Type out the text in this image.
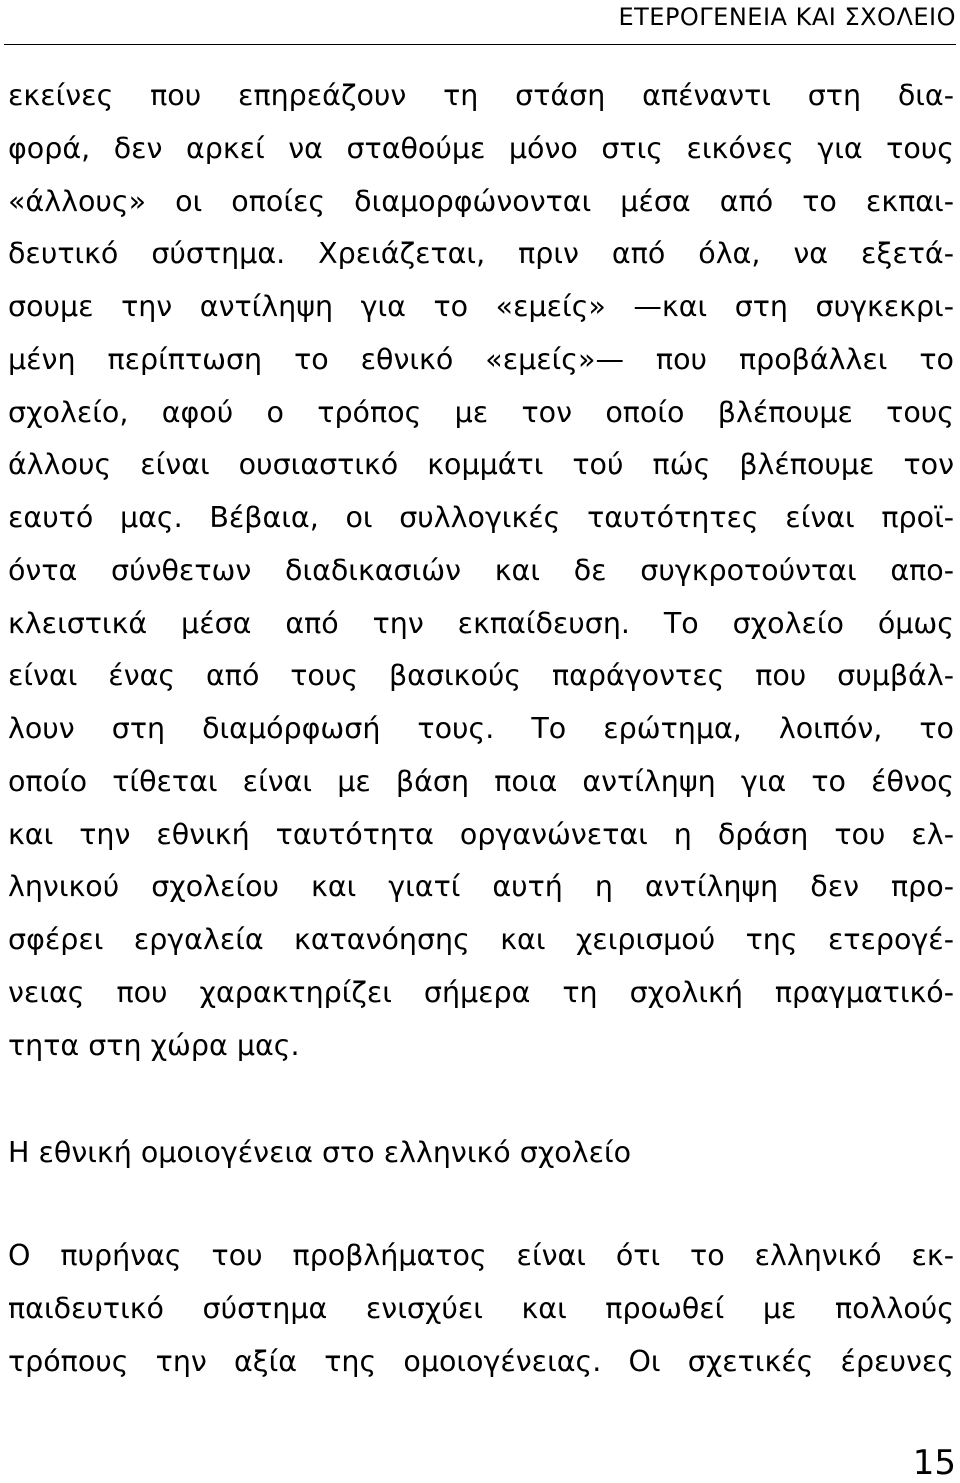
ΕΤΕΡΟΓΕΝΕΙΑ ΚΑΙ ΣΧΟΛΕΙΟ
εκείνες που επηρεάζουν τη στάση απέναντι στη δια-
φορά, δεν αρκεί να σταθούμε μόνο στις εικόνες για τους
«άλλους» οι οποίες διαμορφώνονται μέσα από το εκπαι-
δευτικό σύστημα. Χρειάζεται, πριν από όλα, να εξετά-
σουμε την αντίληψη για το «εμείς» —και στη συγκεκρι-
μένη περίπτωση το εθνικό «εμείς»— που προβάλλει το
σχολείο, αφού ο τρόπος με τον οποίο βλέπουμε τους
άλλους είναι ουσιαστικό κομμάτι τού πώς βλέπουμε τον
εαυτό μας. Βέβαια, οι συλλογικές ταυτότητες είναι προϊ-
όντα σύνθετων διαδικασιών και δε συγκροτούνται απο-
κλειστικά μέσα από την εκπαίδευση. Το σχολείο όμως
είναι ένας από τους βασικούς παράγοντες που συμβάλ-
λουν στη διαμόρφωσή τους. Το ερώτημα, λοιπόν, το
οποίο τίθεται είναι με βάση ποια αντίληψη για το έθνος
και την εθνική ταυτότητα οργανώνεται η δράση του ελ-
ληνικού σχολείου και γιατί αυτή η αντίληψη δεν προ-
σφέρει εργαλεία κατανόησης και χειρισμού της ετερογέ-
νειας που χαρακτηρίζει σήμερα τη σχολική πραγματικό-
τητα στη χώρα μας.
Η εθνική ομοιογένεια στο ελληνικό σχολείο
Ο πυρήνας του προβλήματος είναι ότι το ελληνικό εκ-
παιδευτικό σύστημα ενισχύει και προωθεί με πολλούς
τρόπους την αξία της ομοιογένειας. Οι σχετικές έρευνες
15
